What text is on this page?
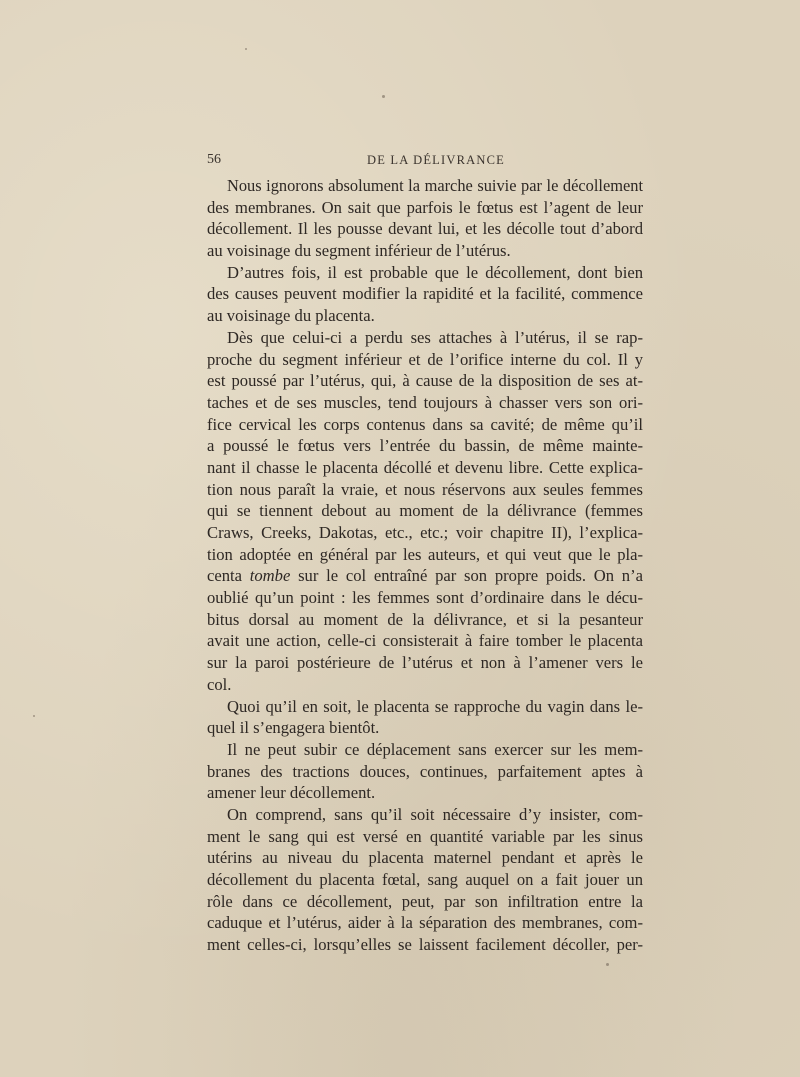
56	DE LA DÉLIVRANCE
Nous ignorons absolument la marche suivie par le décollement
des membranes. On sait que parfois le fœtus est l’agent de leur
décollement. Il les pousse devant lui, et les décolle tout d’abord
au voisinage du segment inférieur de l’utérus.
D’autres fois, il est probable que le décollement, dont bien
des causes peuvent modifier la rapidité et la facilité, commence
au voisinage du placenta.
Dès que celui-ci a perdu ses attaches à l’utérus, il se rap-
proche du segment inférieur et de l’orifice interne du col. Il y
est poussé par l’utérus, qui, à cause de la disposition de ses at-
taches et de ses muscles, tend toujours à chasser vers son ori-
fice cervical les corps contenus dans sa cavité; de même qu’il
a poussé le fœtus vers l’entrée du bassin, de même mainte-
nant il chasse le placenta décollé et devenu libre. Cette explica-
tion nous paraît la vraie, et nous réservons aux seules femmes
qui se tiennent debout au moment de la délivrance (femmes
Craws, Creeks, Dakotas, etc., etc.; voir chapitre II), l’explica-
tion adoptée en général par les auteurs, et qui veut que le pla-
centa tombe sur le col entraîné par son propre poids. On n’a
oublié qu’un point : les femmes sont d’ordinaire dans le décu-
bitus dorsal au moment de la délivrance, et si la pesanteur
avait une action, celle-ci consisterait à faire tomber le placenta
sur la paroi postérieure de l’utérus et non à l’amener vers le
col.
Quoi qu’il en soit, le placenta se rapproche du vagin dans le-
quel il s’engagera bientôt.
Il ne peut subir ce déplacement sans exercer sur les mem-
branes des tractions douces, continues, parfaitement aptes à
amener leur décollement.
On comprend, sans qu’il soit nécessaire d’y insister, com-
ment le sang qui est versé en quantité variable par les sinus
utérins au niveau du placenta maternel pendant et après le
décollement du placenta fœtal, sang auquel on a fait jouer un
rôle dans ce décollement, peut, par son infiltration entre la
caduque et l’utérus, aider à la séparation des membranes, com-
ment celles-ci, lorsqu’elles se laissent facilement décoller, per-
